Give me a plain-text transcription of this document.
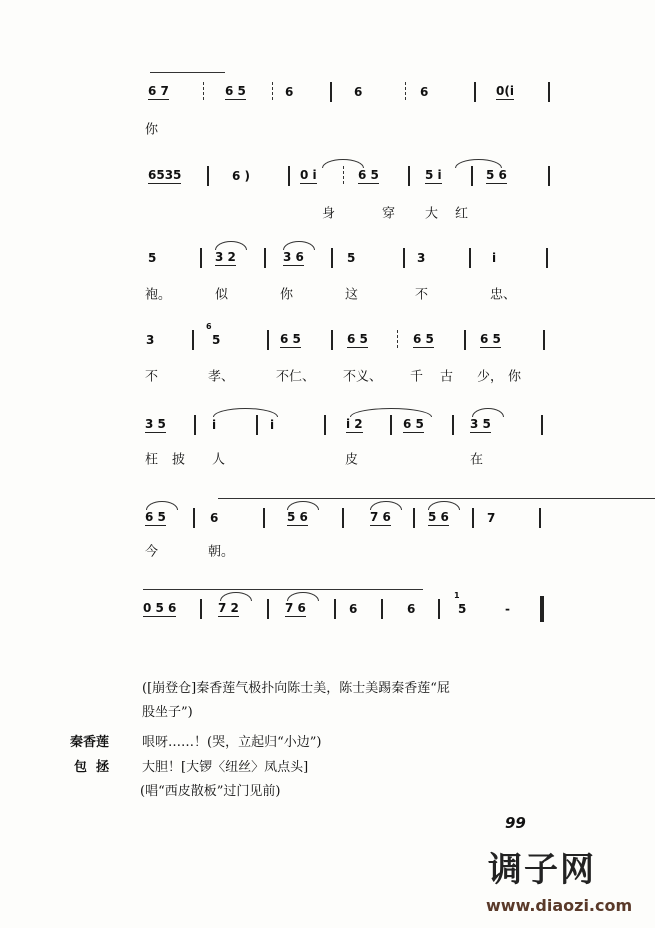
6 7	6 5	6	6	6	0(i
你
6535	6 )	0 i	6 5	5 i	5 6
身	穿 大 红
5	3 2	3 6	5	3	i
袍。	似	你	这	不	忠、
3	5	6 5	6 5	6 5	6 5
不	孝、	不仁、 不义、 千 古 少， 你
6
3 5	i	i	i 2	6 5	3 5
枉 披 人	皮	在
6 5	6	5 6	7 6	5 6	7
今	朝。
0 5 6	7 2	7 6	6	6	5	-
1
([崩登仓]秦香莲气极扑向陈士美，陈士美踢秦香莲“屁
股坐子”)
秦香莲	哏呀……！(哭，立起归“小边”)
包  拯	大胆！[大锣〈纽丝〉凤点头]
(唱“西皮散板”过门见前)
99
调子网
www.diaozi.com
